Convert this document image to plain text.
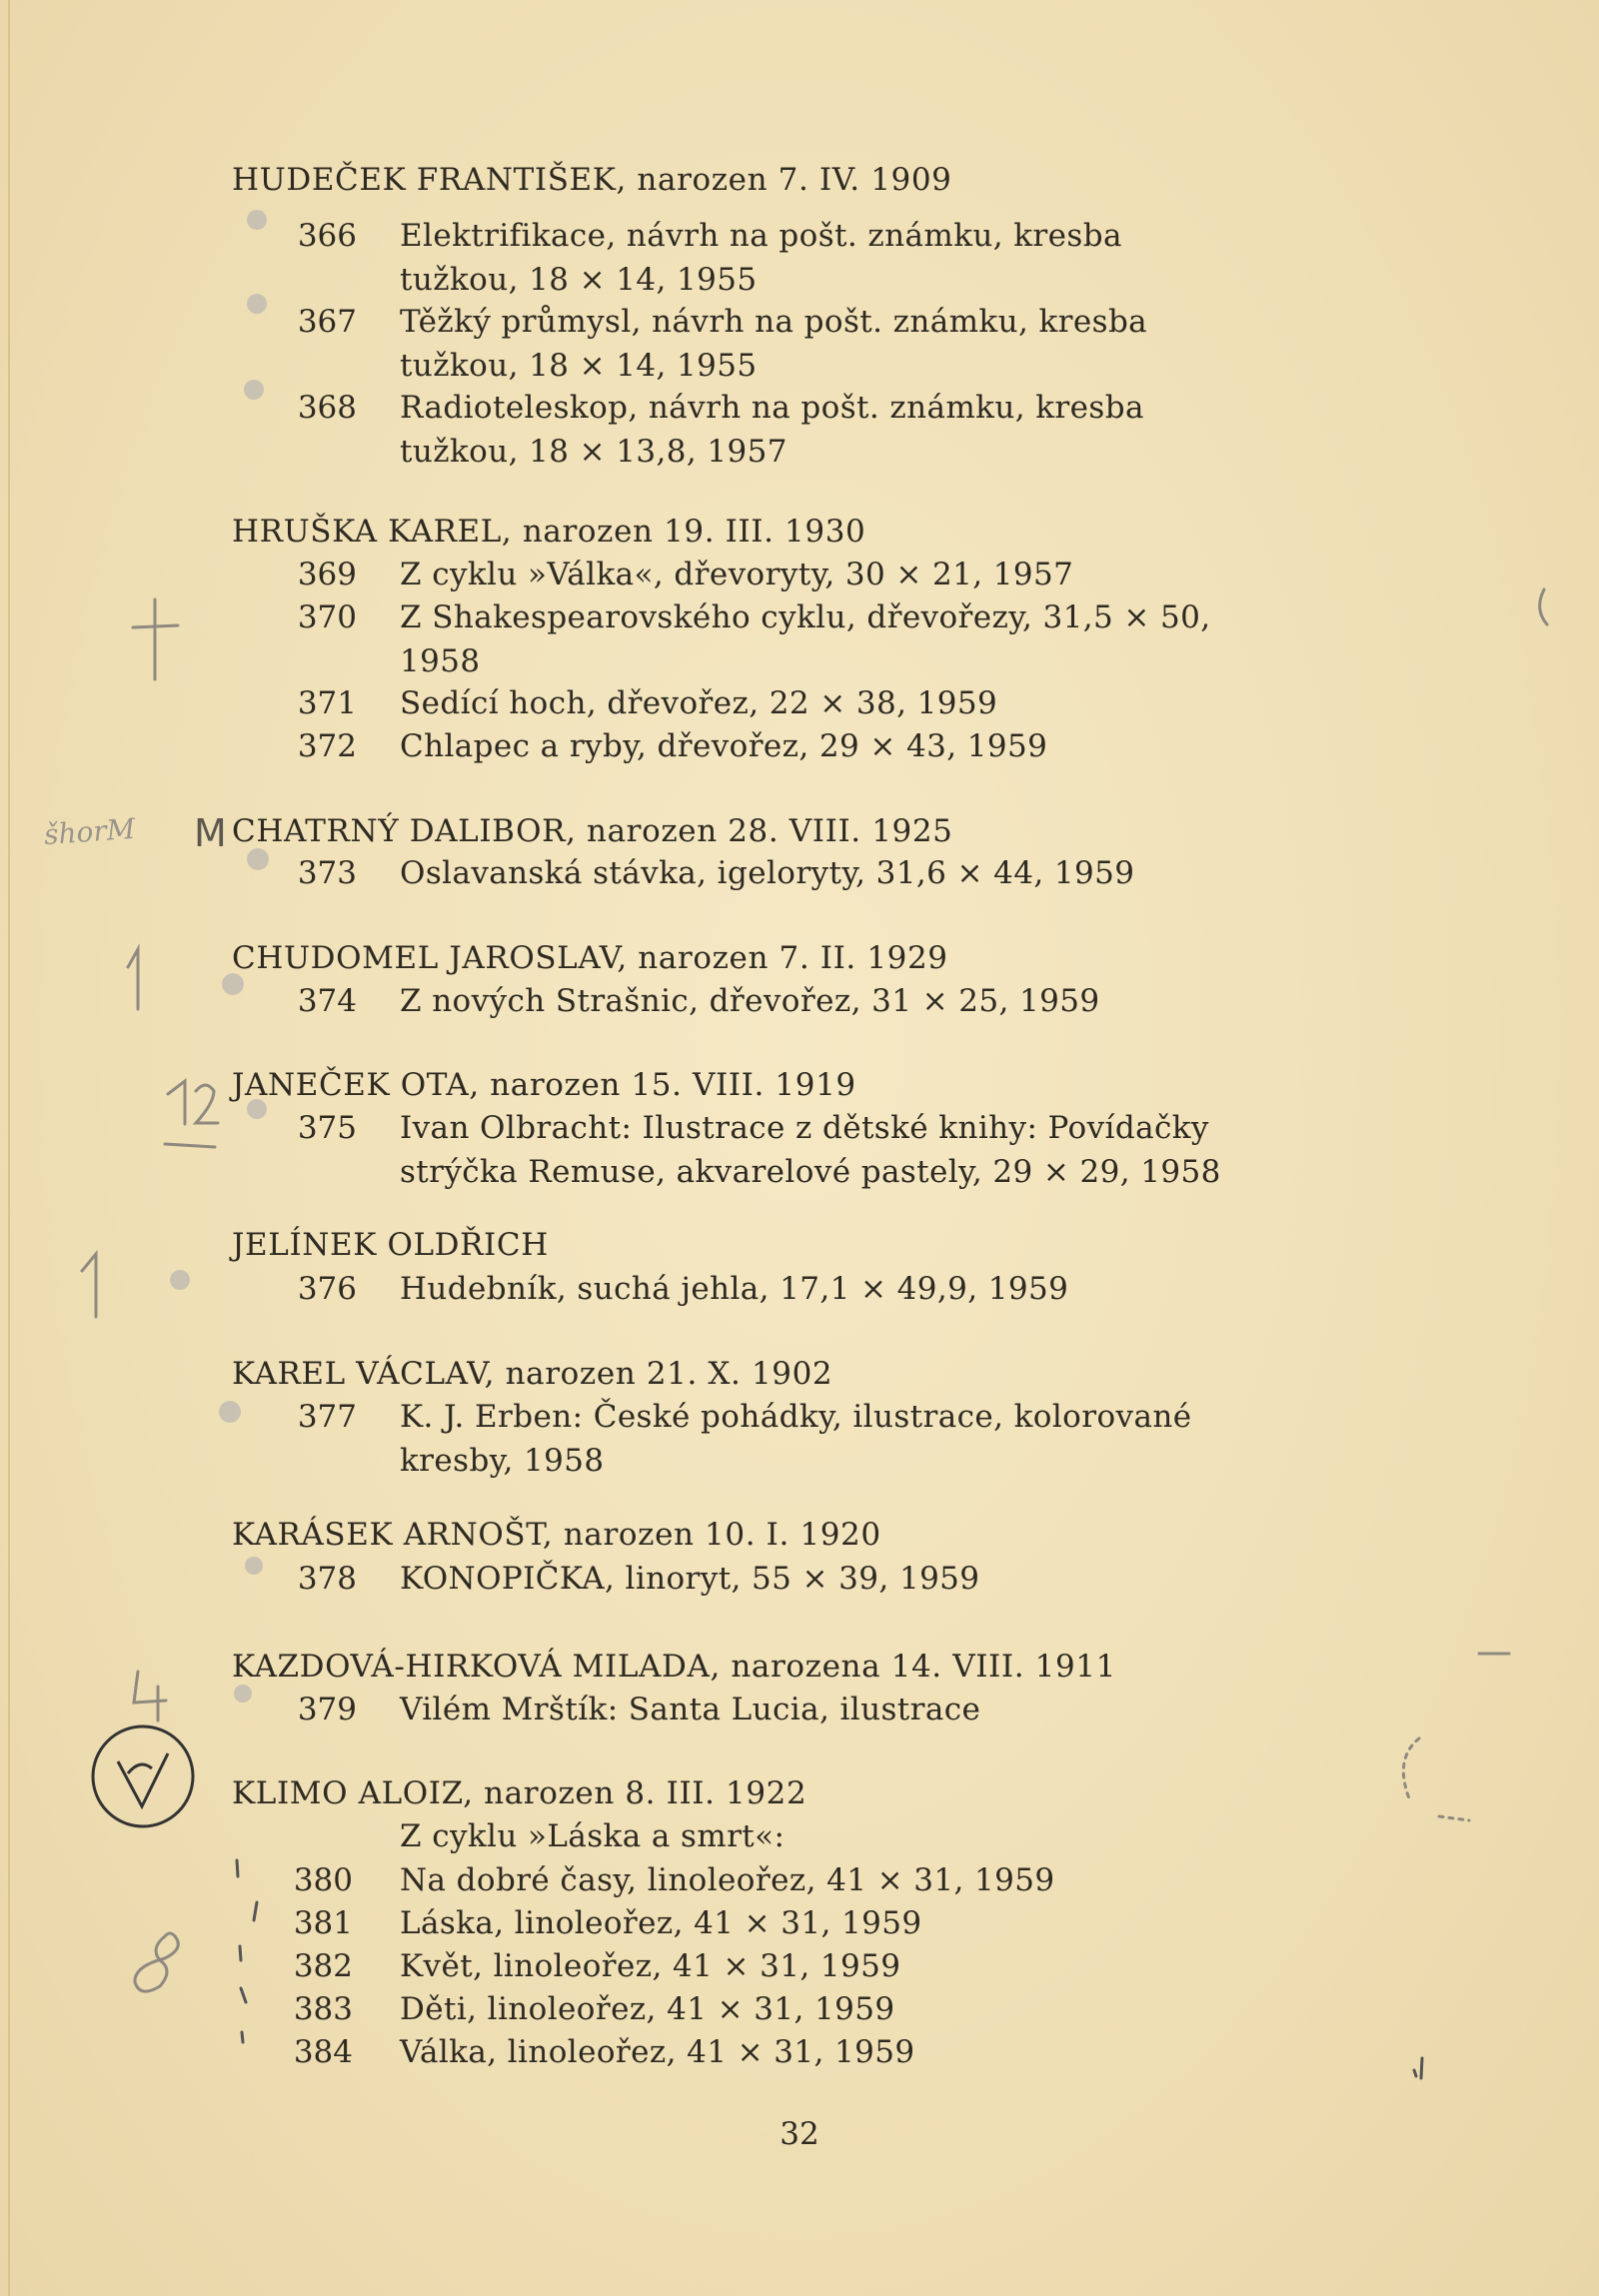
šhorM M
HUDEČEK FRANTIŠEK, narozen 7. IV. 1909
366 Elektrifikace, návrh na pošt. známku, kresba
tužkou, 18 × 14, 1955
367 Těžký průmysl, návrh na pošt. známku, kresba
tužkou, 18 × 14, 1955
368 Radioteleskop, návrh na pošt. známku, kresba
tužkou, 18 × 13,8, 1957
HRUŠKA KAREL, narozen 19. III. 1930
369 Z cyklu »Válka«, dřevoryty, 30 × 21, 1957
370 Z Shakespearovského cyklu, dřevořezy, 31,5 × 50,
1958
371 Sedící hoch, dřevořez, 22 × 38, 1959
372 Chlapec a ryby, dřevořez, 29 × 43, 1959
CHATRNÝ DALIBOR, narozen 28. VIII. 1925
373 Oslavanská stávka, igeloryty, 31,6 × 44, 1959
CHUDOMEL JAROSLAV, narozen 7. II. 1929
374 Z nových Strašnic, dřevořez, 31 × 25, 1959
JANEČEK OTA, narozen 15. VIII. 1919
375 Ivan Olbracht: Ilustrace z dětské knihy: Povídačky
strýčka Remuse, akvarelové pastely, 29 × 29, 1958
JELÍNEK OLDŘICH
376 Hudebník, suchá jehla, 17,1 × 49,9, 1959
KAREL VÁCLAV, narozen 21. X. 1902
377 K. J. Erben: České pohádky, ilustrace, kolorované
kresby, 1958
KARÁSEK ARNOŠT, narozen 10. I. 1920
378 KONOPIČKA, linoryt, 55 × 39, 1959
KAZDOVÁ-HIRKOVÁ MILADA, narozena 14. VIII. 1911
379 Vilém Mrštík: Santa Lucia, ilustrace
KLIMO ALOIZ, narozen 8. III. 1922
Z cyklu »Láska a smrt«:
380 Na dobré časy, linoleořez, 41 × 31, 1959
381 Láska, linoleořez, 41 × 31, 1959
382 Květ, linoleořez, 41 × 31, 1959
383 Děti, linoleořez, 41 × 31, 1959
384 Válka, linoleořez, 41 × 31, 1959
32
